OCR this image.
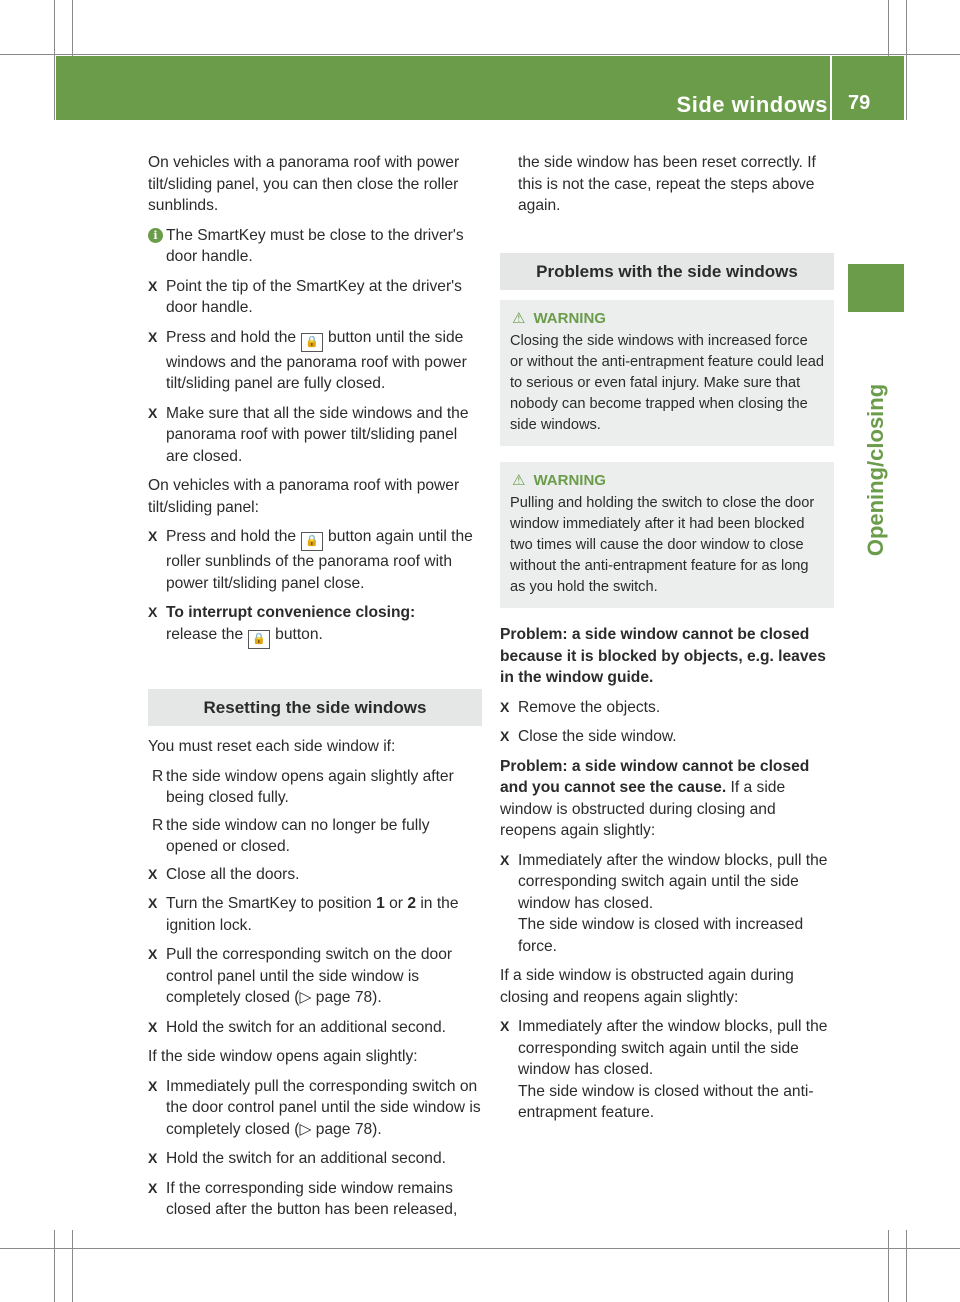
Side windows 79
Opening/closing

On vehicles with a panorama roof with power tilt/sliding panel, you can then close the roller sunblinds.

i The SmartKey must be close to the driver's door handle.
X Point the tip of the SmartKey at the driver's door handle.
X Press and hold the 🔒 button until the side windows and the panorama roof with power tilt/sliding panel are fully closed.
X Make sure that all the side windows and the panorama roof with power tilt/sliding panel are closed.

On vehicles with a panorama roof with power tilt/sliding panel:

X Press and hold the 🔒 button again until the roller sunblinds of the panorama roof with power tilt/sliding panel close.
X To interrupt convenience closing:
release the 🔒 button.
Resetting the side windows

You must reset each side window if:

R the side window opens again slightly after being closed fully.
R the side window can no longer be fully opened or closed.
X Close all the doors.
X Turn the SmartKey to position 1 or 2 in the ignition lock.
X Pull the corresponding switch on the door control panel until the side window is completely closed (▷ page 78).
X Hold the switch for an additional second.

If the side window opens again slightly:

X Immediately pull the corresponding switch on the door control panel until the side window is completely closed (▷ page 78).
X Hold the switch for an additional second.
X If the corresponding side window remains closed after the button has been released,

the side window has been reset correctly. If this is not the case, repeat the steps above again.

Problems with the side windows
⚠ WARNING
Closing the side windows with increased force or without the anti-entrapment feature could lead to serious or even fatal injury. Make sure that nobody can become trapped when closing the side windows.
⚠ WARNING
Pulling and holding the switch to close the door window immediately after it had been blocked two times will cause the door window to close without the anti-entrapment feature for as long as you hold the switch.

Problem: a side window cannot be closed because it is blocked by objects, e.g. leaves in the window guide.

X Remove the objects.
X Close the side window.

Problem: a side window cannot be closed and you cannot see the cause. If a side window is obstructed during closing and reopens again slightly:

X Immediately after the window blocks, pull the corresponding switch again until the side window has closed.
The side window is closed with increased force.

If a side window is obstructed again during closing and reopens again slightly:

X Immediately after the window blocks, pull the corresponding switch again until the side window has closed.
The side window is closed without the anti-entrapment feature.
